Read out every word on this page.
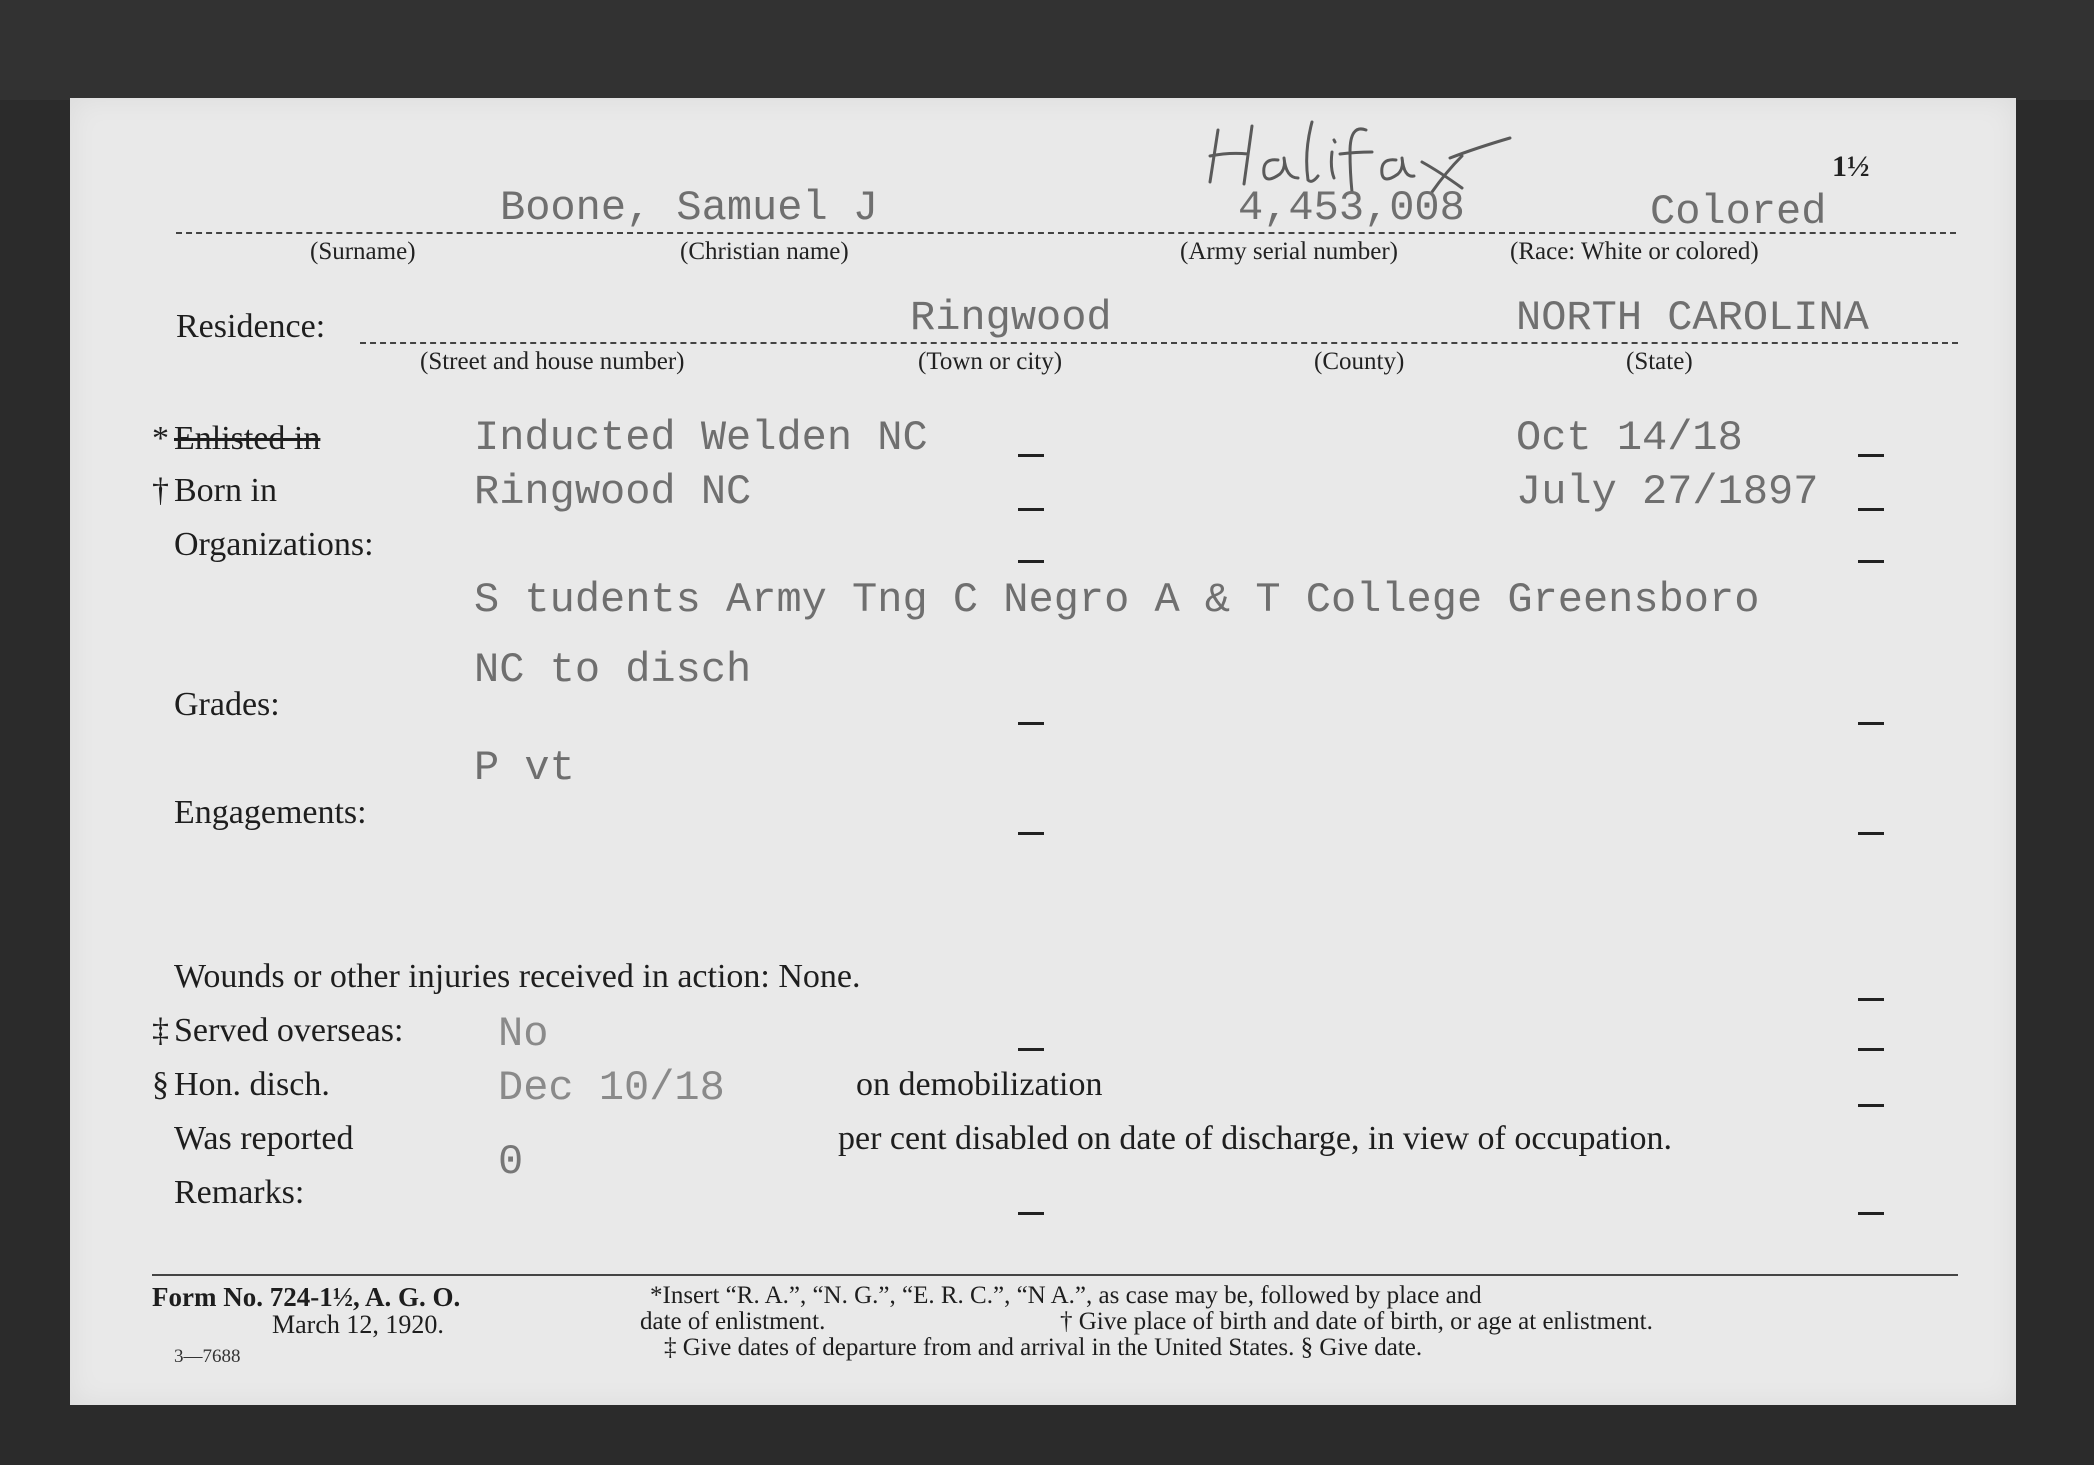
Halifax
1½
Boone, Samuel J	4,453,008	Colored
(Surname)	(Christian name)	(Army serial number)	(Race: White or colored)
Residence:	Ringwood	NORTH CAROLINA
(Street and house number)	(Town or city)	(County)	(State)
* Enlisted in	Inducted Welden NC	Oct 14/18
† Born in	Ringwood NC	July 27/1897
Organizations:
S tudents Army Tng C Negro A & T College Greensboro
NC to disch
Grades:
P vt
Engagements:
Wounds or other injuries received in action: None.
‡ Served overseas: No
§ Hon. disch.	Dec 10/18	on demobilization
Was reported	0	per cent disabled on date of discharge, in view of occupation.
Remarks:
Form No. 724-1½, A. G. O.
March 12, 1920.
3—7688
*Insert “R. A.”, “N. G.”, “E. R. C.”, “N A.”, as case may be, followed by place and
date of enlistment.	† Give place of birth and date of birth, or age at enlistment.
‡ Give dates of departure from and arrival in the United States. § Give date.
